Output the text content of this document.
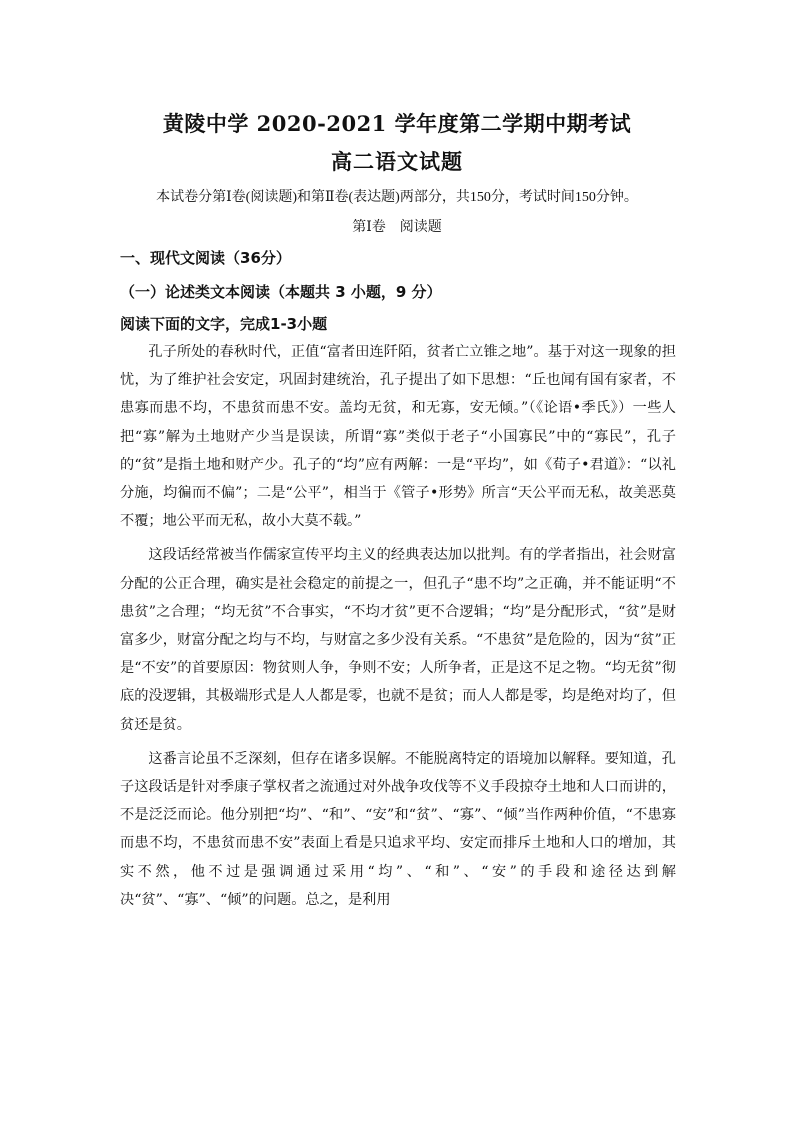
黄陵中学 2020-2021 学年度第二学期中期考试
高二语文试题
本试卷分第Ⅰ卷(阅读题)和第Ⅱ卷(表达题)两部分，共150分，考试时间150分钟。
第Ⅰ卷　阅读题
一、现代文阅读（36分）
（一）论述类文本阅读（本题共 3 小题，9 分）
阅读下面的文字，完成1-3小题

孔子所处的春秋时代，正值“富者田连阡陌，贫者亡立锥之地”。基于对这一现象的担忧，为了维护社会安定，巩固封建统治，孔子提出了如下思想：“丘也闻有国有家者，不患寡而患不均，不患贫而患不安。盖均无贫，和无寡，安无倾。”（《论语•季氏》）一些人把“寡”解为土地财产少当是误读，所谓“寡”类似于老子“小国寡民”中的“寡民”，孔子的“贫”是指土地和财产少。孔子的“均”应有两解：一是“平均”，如《荀子•君道》：“以礼分施，均徧而不偏”；二是“公平”，相当于《管子•形势》所言“天公平而无私，故美恶莫不覆；地公平而无私，故小大莫不载。”

这段话经常被当作儒家宣传平均主义的经典表达加以批判。有的学者指出，社会财富分配的公正合理，确实是社会稳定的前提之一，但孔子“患不均”之正确，并不能证明“不患贫”之合理；“均无贫”不合事实，“不均才贫”更不合逻辑；“均”是分配形式，“贫”是财富多少，财富分配之均与不均，与财富之多少没有关系。“不患贫”是危险的，因为“贫”正是“不安”的首要原因：物贫则人争，争则不安；人所争者，正是这不足之物。“均无贫”彻底的没逻辑，其极端形式是人人都是零，也就不是贫；而人人都是零，均是绝对均了，但贫还是贫。

这番言论虽不乏深刻，但存在诸多误解。不能脱离特定的语境加以解释。要知道，孔子这段话是针对季康子掌权者之流通过对外战争攻伐等不义手段掠夺土地和人口而讲的，不是泛泛而论。他分别把“均”、“和”、“安”和“贫”、“寡”、“倾”当作两种价值，“不患寡而患不均，不患贫而患不安”表面上看是只追求平均、安定而排斥土地和人口的增加，其实不然，他不过是强调通过采用“均”、“和”、“安”的手段和途径达到解决“贫”、“寡”、“倾”的问题。总之，是利用
